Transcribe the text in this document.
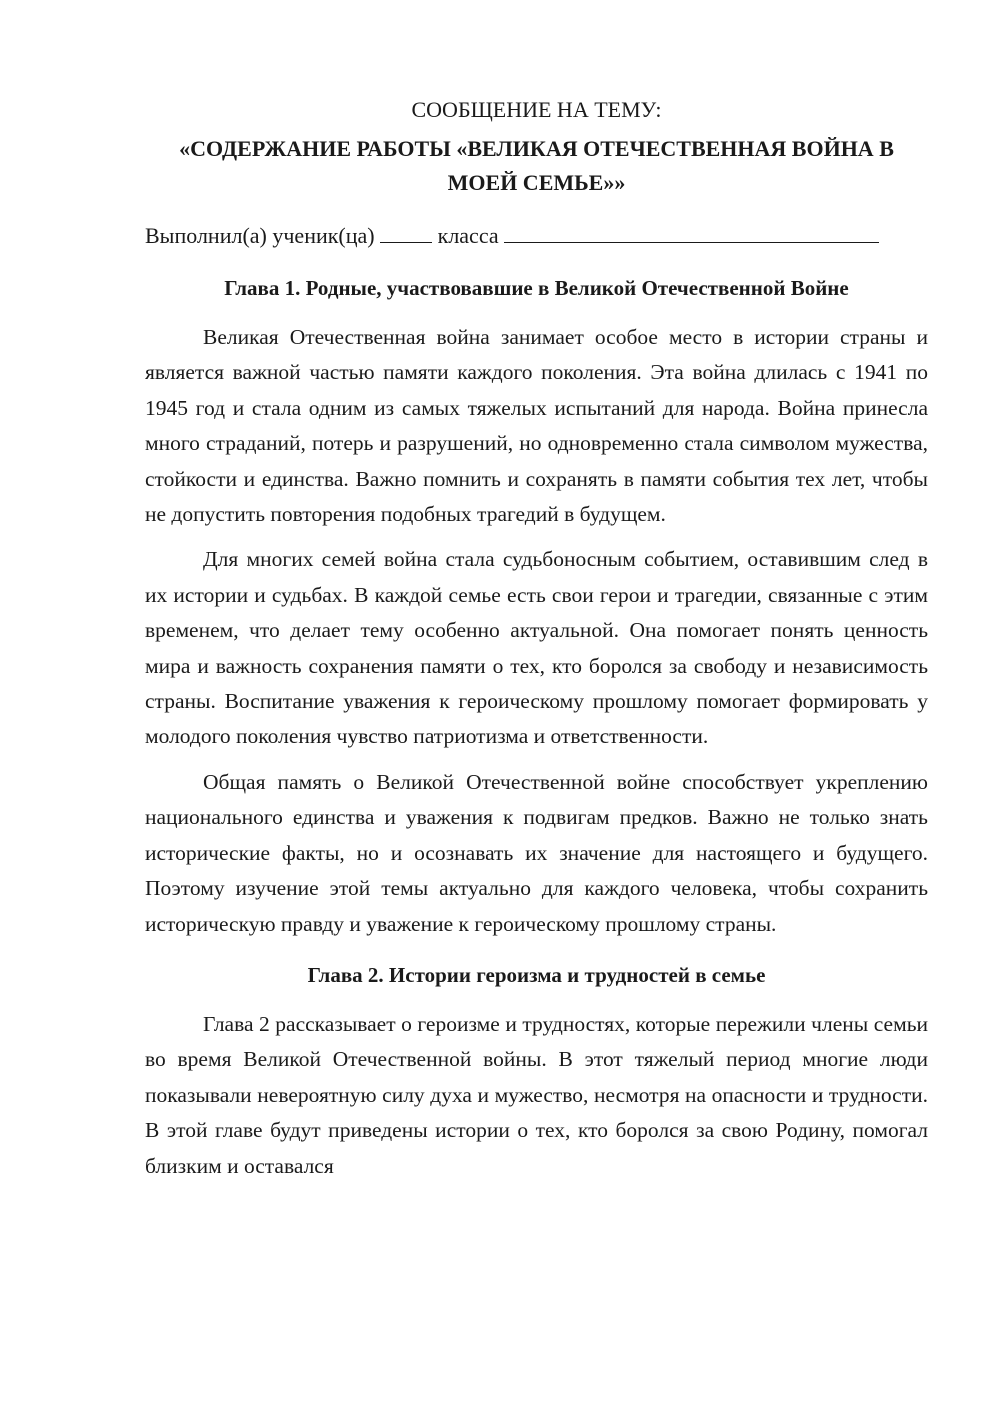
СООБЩЕНИЕ НА ТЕМУ:
«СОДЕРЖАНИЕ РАБОТЫ «ВЕЛИКАЯ ОТЕЧЕСТВЕННАЯ ВОЙНА В МОЕЙ СЕМЬЕ»»
Выполнил(а) ученик(ца)	класса
Глава 1. Родные, участвовавшие в Великой Отечественной Войне

Великая Отечественная война занимает особое место в истории страны и является важной частью памяти каждого поколения. Эта война длилась с 1941 по 1945 год и стала одним из самых тяжелых испытаний для народа. Война принесла много страданий, потерь и разрушений, но одновременно стала символом мужества, стойкости и единства. Важно помнить и сохранять в памяти события тех лет, чтобы не допустить повторения подобных трагедий в будущем.

Для многих семей война стала судьбоносным событием, оставившим след в их истории и судьбах. В каждой семье есть свои герои и трагедии, связанные с этим временем, что делает тему особенно актуальной. Она помогает понять ценность мира и важность сохранения памяти о тех, кто боролся за свободу и независимость страны. Воспитание уважения к героическому прошлому помогает формировать у молодого поколения чувство патриотизма и ответственности.

Общая память о Великой Отечественной войне способствует укреплению национального единства и уважения к подвигам предков. Важно не только знать исторические факты, но и осознавать их значение для настоящего и будущего. Поэтому изучение этой темы актуально для каждого человека, чтобы сохранить историческую правду и уважение к героическому прошлому страны.

Глава 2. Истории героизма и трудностей в семье

Глава 2 рассказывает о героизме и трудностях, которые пережили члены семьи во время Великой Отечественной войны. В этот тяжелый период многие люди показывали невероятную силу духа и мужество, несмотря на опасности и трудности. В этой главе будут приведены истории о тех, кто боролся за свою Родину, помогал близким и оставался
